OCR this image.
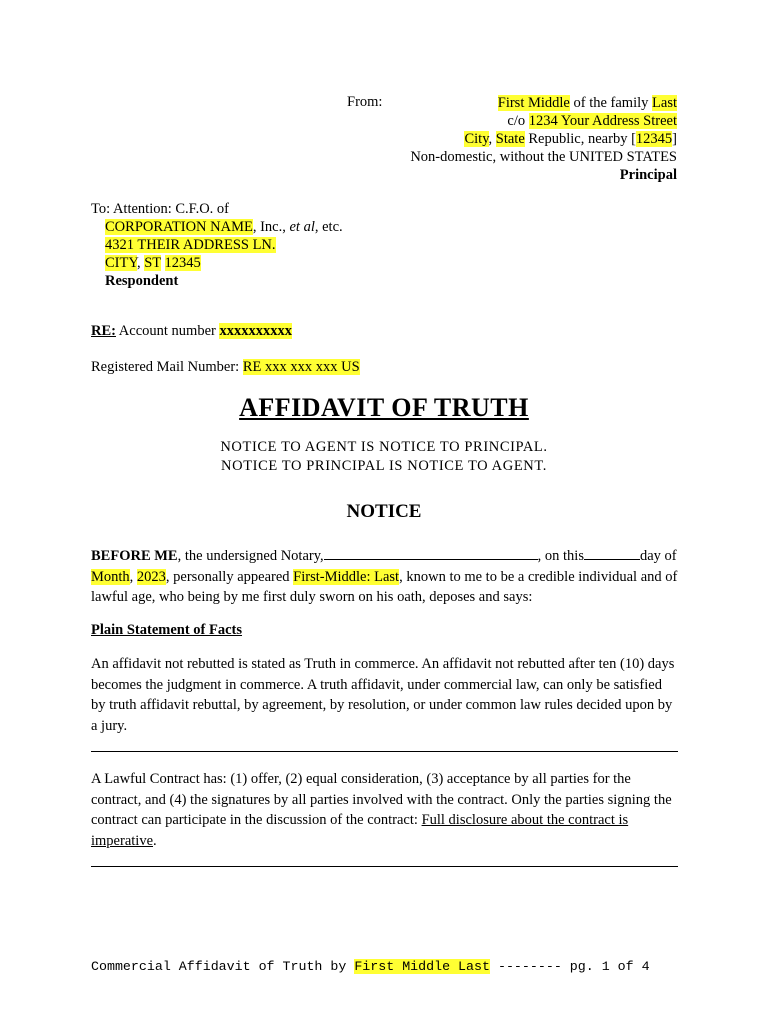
From:	First Middle of the family Last
c/o 1234 Your Address Street
City, State Republic, nearby [12345]
Non-domestic, without the UNITED STATES
Principal
To: Attention: C.F.O. of
CORPORATION NAME, Inc., et al, etc.
4321 THEIR ADDRESS LN.
CITY, ST 12345
Respondent
RE: Account number xxxxxxxxxx
Registered Mail Number: RE xxx xxx xxx US
AFFIDAVIT OF TRUTH
NOTICE TO AGENT IS NOTICE TO PRINCIPAL.
NOTICE TO PRINCIPAL IS NOTICE TO AGENT.
NOTICE
BEFORE ME, the undersigned Notary,	, on this	day of Month, 2023, personally appeared First-Middle: Last, known to me to be a credible individual and of lawful age, who being by me first duly sworn on his oath, deposes and says:
Plain Statement of Facts
An affidavit not rebutted is stated as Truth in commerce. An affidavit not rebutted after ten (10) days becomes the judgment in commerce. A truth affidavit, under commercial law, can only be satisfied by truth affidavit rebuttal, by agreement, by resolution, or under common law rules decided upon by a jury.
A Lawful Contract has: (1) offer, (2) equal consideration, (3) acceptance by all parties for the contract, and (4) the signatures by all parties involved with the contract. Only the parties signing the contract can participate in the discussion of the contract: Full disclosure about the contract is imperative.
Commercial Affidavit of Truth by First Middle Last -------- pg. 1 of 4
